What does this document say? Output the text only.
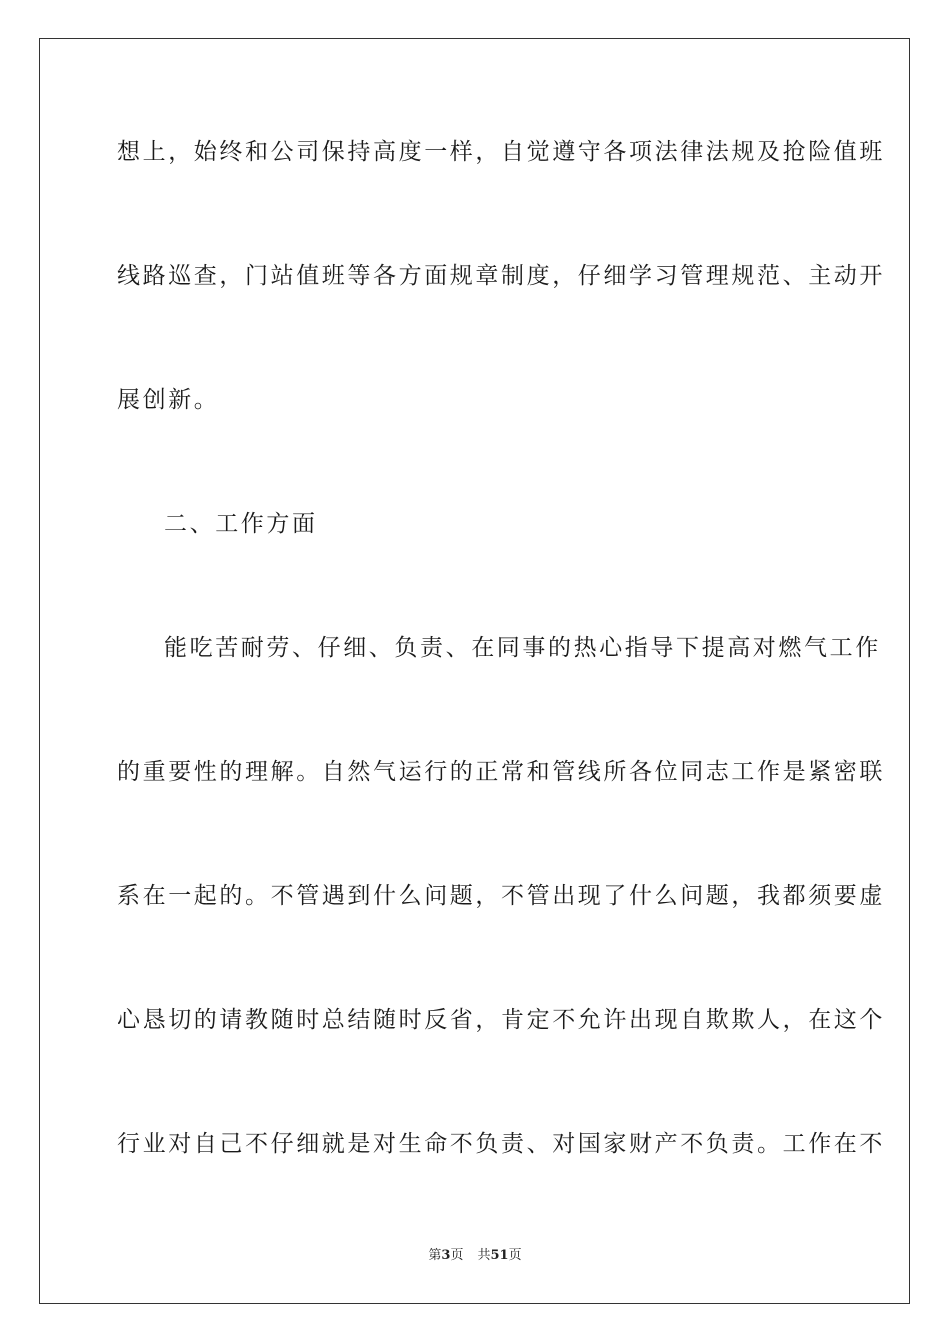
想上，始终和公司保持高度一样，自觉遵守各项法律法规及抢险值班
线路巡查，门站值班等各方面规章制度，仔细学习管理规范、主动开
展创新。
二、工作方面
能吃苦耐劳、仔细、负责、在同事的热心指导下提高对燃气工作
的重要性的理解。自然气运行的正常和管线所各位同志工作是紧密联
系在一起的。不管遇到什么问题，不管出现了什么问题，我都须要虚
心恳切的请教随时总结随时反省，肯定不允许出现自欺欺人，在这个
行业对自己不仔细就是对生命不负责、对国家财产不负责。工作在不
第3页 共51页
